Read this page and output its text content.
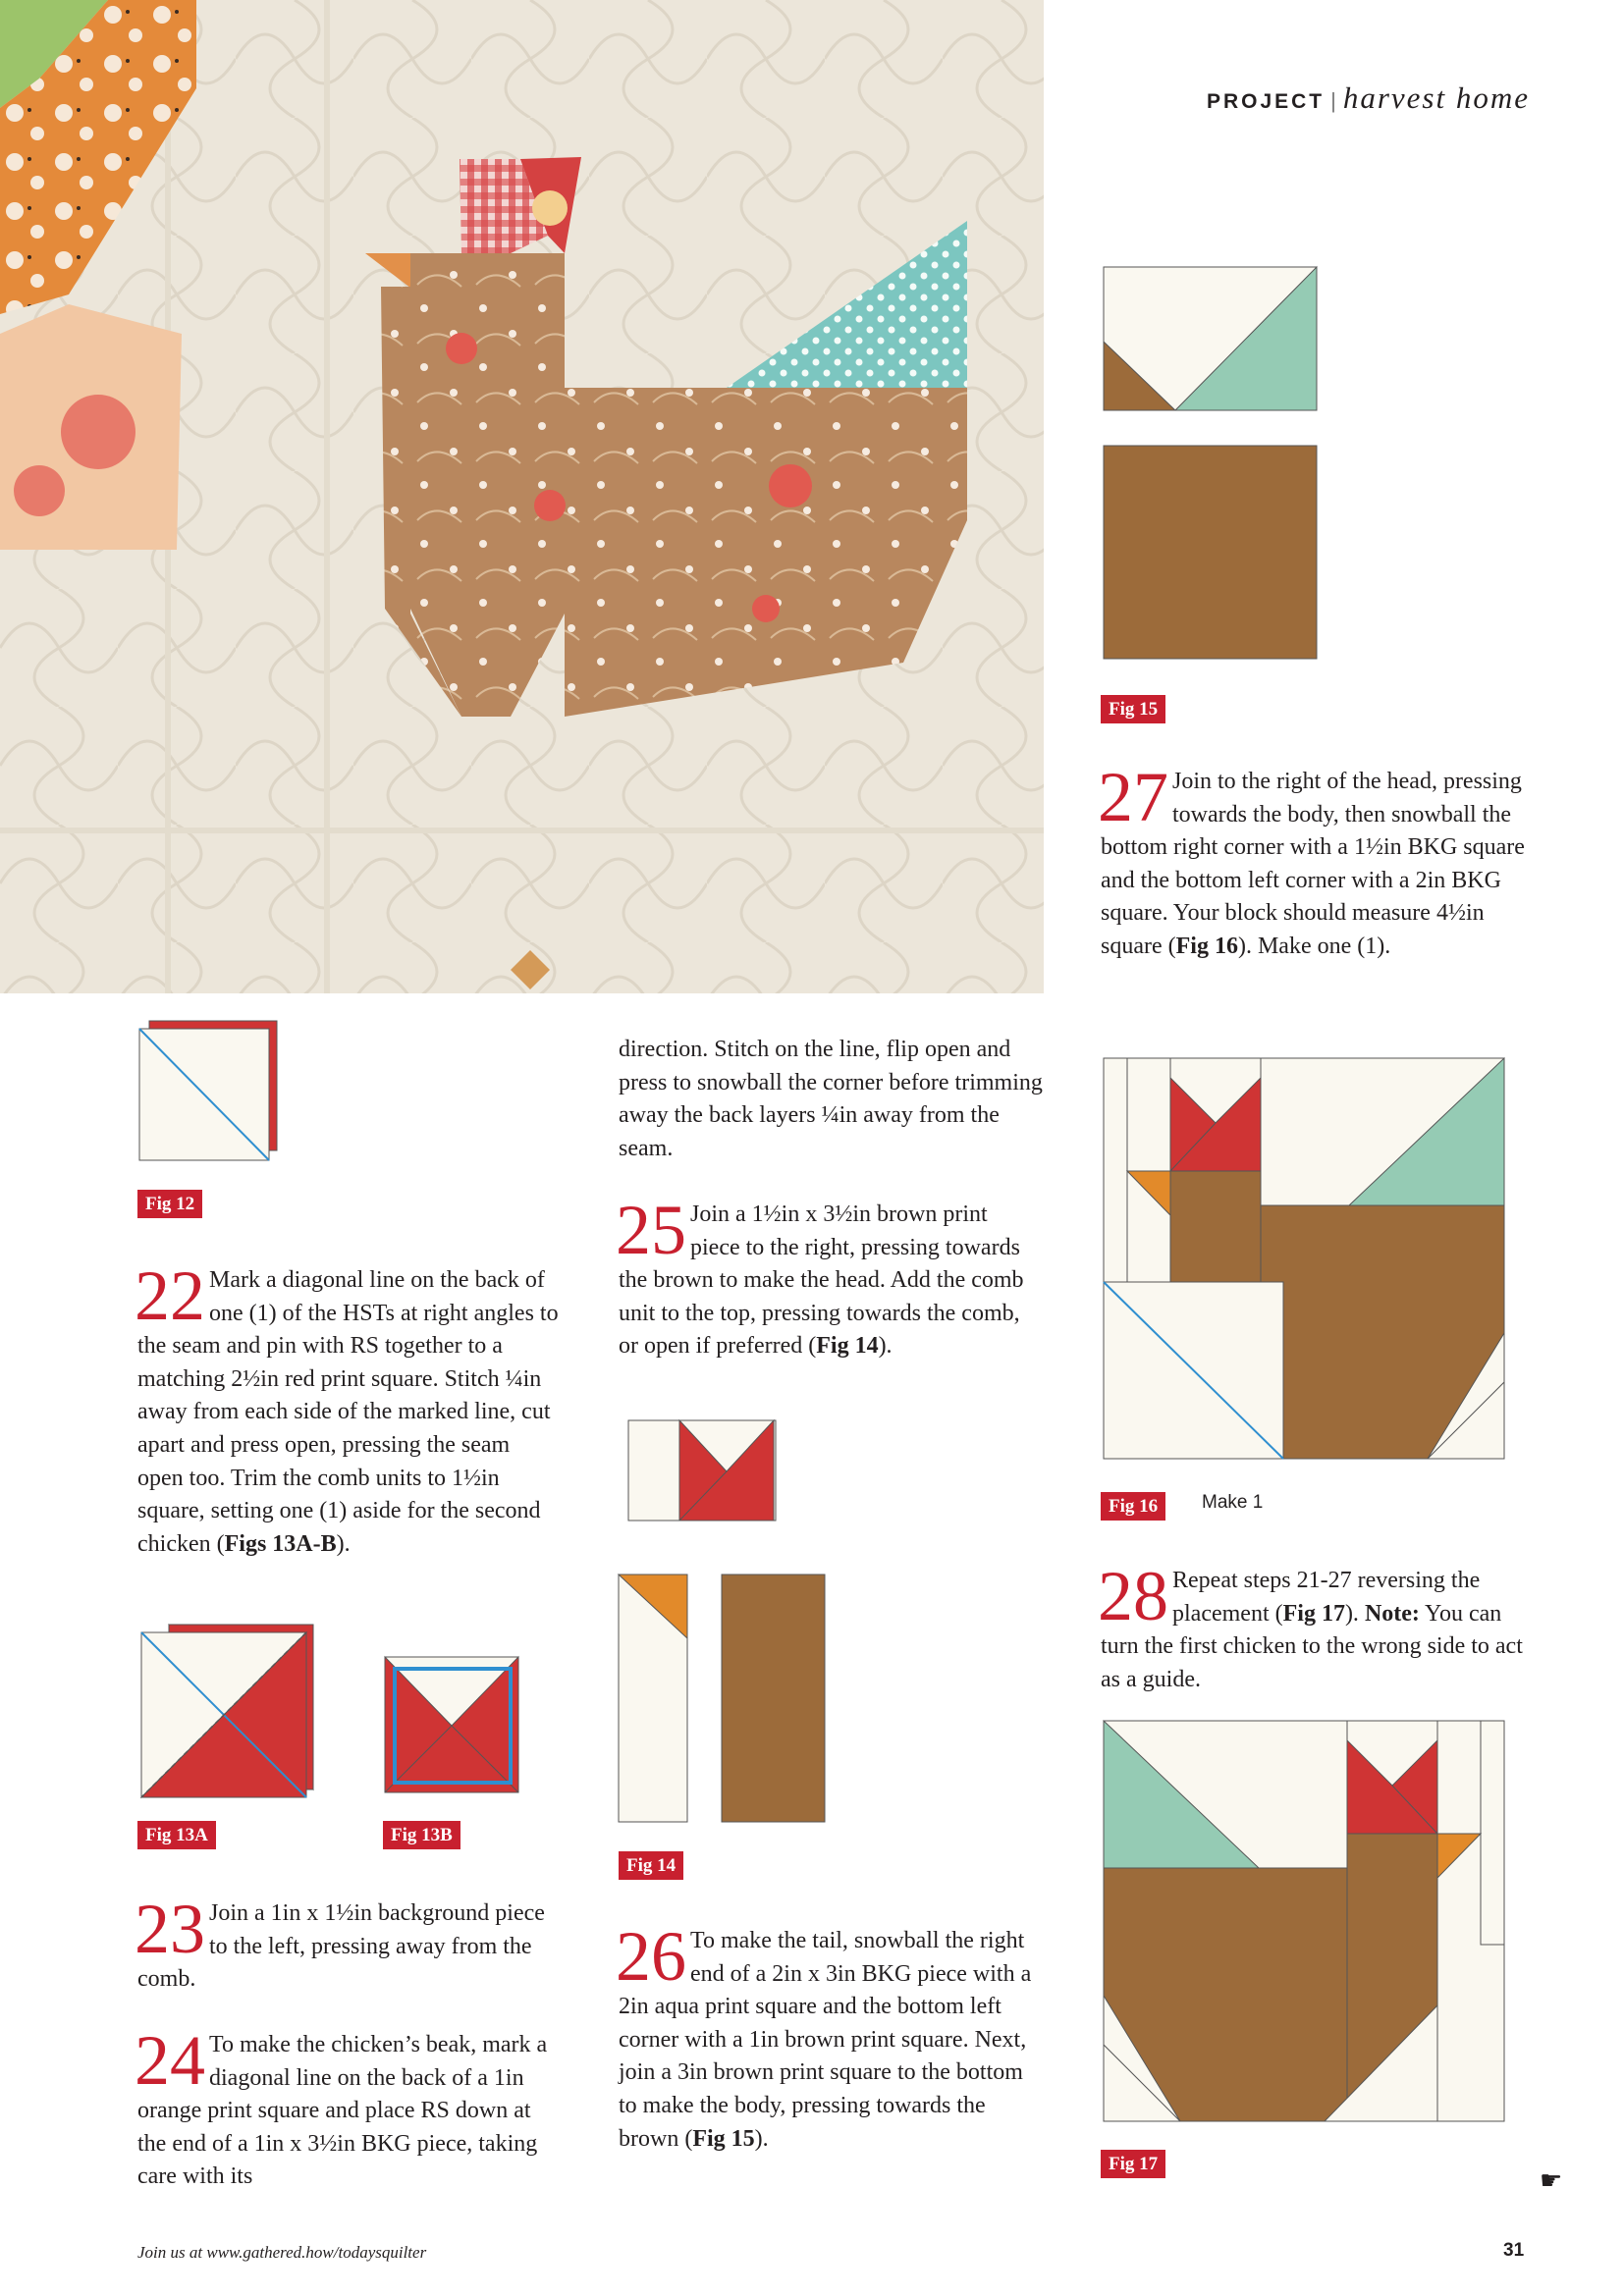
PROJECT | harvest home
Fig 12
22 Mark a diagonal line on the back of one (1) of the HSTs at right angles to the seam and pin with RS together to a matching 2½in red print square. Stitch ¼in away from each side of the marked line, cut apart and press open, pressing the seam open too. Trim the comb units to 1½in square, setting one (1) aside for the second chicken (Figs 13A-B).
Fig 13A	Fig 13B
23 Join a 1in x 1½in background piece to the left, pressing away from the comb.
24 To make the chicken’s beak, mark a diagonal line on the back of a 1in orange print square and place RS down at the end of a 1in x 3½in BKG piece, taking care with its
direction. Stitch on the line, flip open and press to snowball the corner before trimming away the back layers ¼in away from the seam.
25 Join a 1½in x 3½in brown print piece to the right, pressing towards the brown to make the head. Add the comb unit to the top, pressing towards the comb, or open if preferred (Fig 14).
Fig 14
26 To make the tail, snowball the right end of a 2in x 3in BKG piece with a 2in aqua print square and the bottom left corner with a 1in brown print square. Next, join a 3in brown print square to the bottom to make the body, pressing towards the brown (Fig 15).
Fig 15
27 Join to the right of the head, pressing towards the body, then snowball the bottom right corner with a 1½in BKG square and the bottom left corner with a 2in BKG square. Your block should measure 4½in square (Fig 16). Make one (1).
Fig 16	Make 1
28 Repeat steps 21-27 reversing the placement (Fig 17). Note: You can turn the first chicken to the wrong side to act as a guide.
Fig 17
☛
Join us at www.gathered.how/todaysquilter	31
